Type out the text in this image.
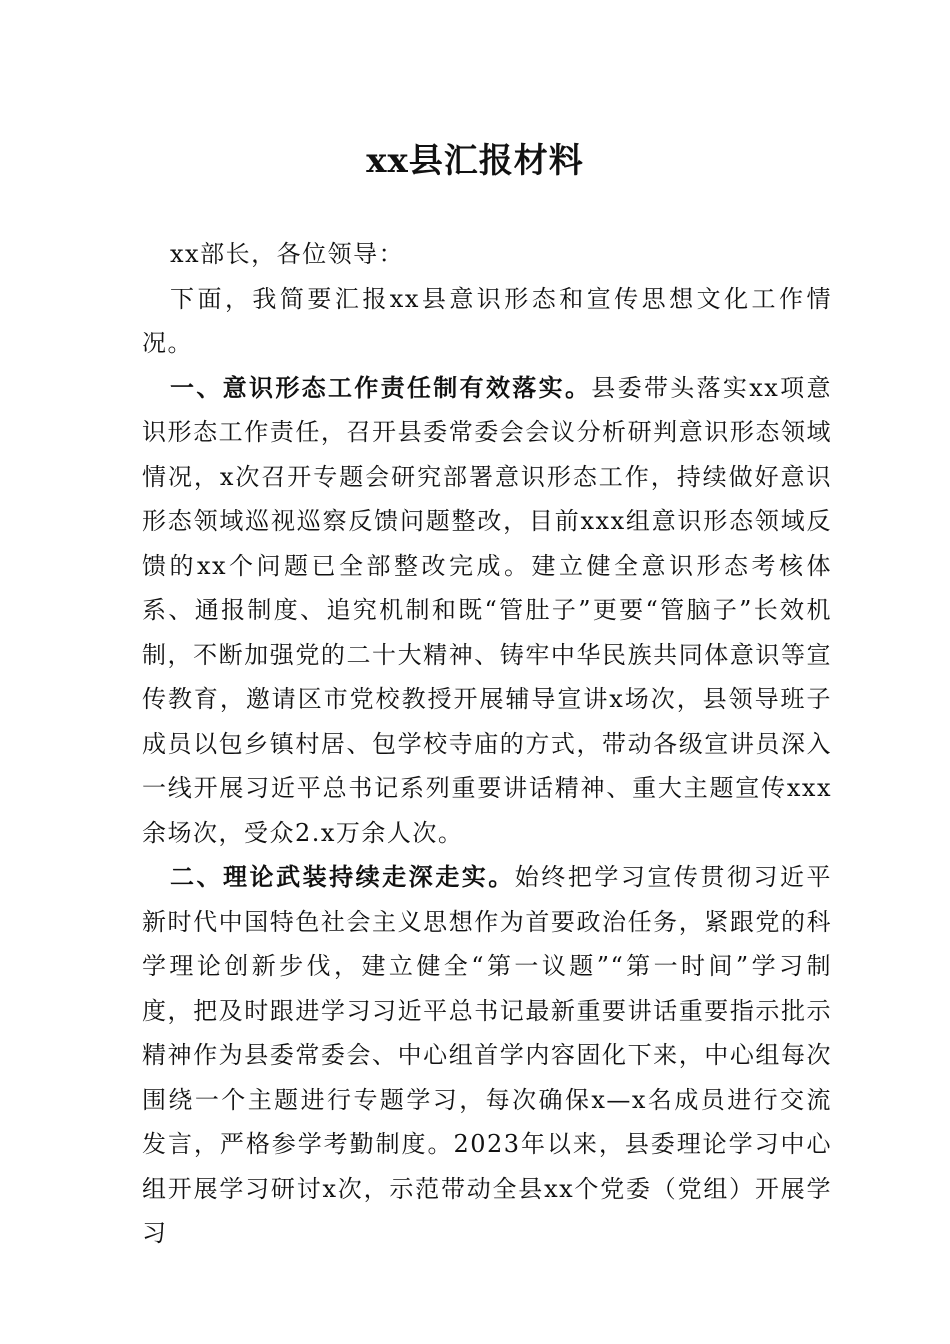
xx县汇报材料

xx部长，各位领导：

下面，我简要汇报xx县意识形态和宣传思想文化工作情况。

一、意识形态工作责任制有效落实。县委带头落实xx项意识形态工作责任，召开县委常委会会议分析研判意识形态领域情况，x次召开专题会研究部署意识形态工作，持续做好意识形态领域巡视巡察反馈问题整改，目前xxx组意识形态领域反馈的xx个问题已全部整改完成。建立健全意识形态考核体系、通报制度、追究机制和既“管肚子”更要“管脑子”长效机制，不断加强党的二十大精神、铸牢中华民族共同体意识等宣传教育，邀请区市党校教授开展辅导宣讲x场次，县领导班子成员以包乡镇村居、包学校寺庙的方式，带动各级宣讲员深入一线开展习近平总书记系列重要讲话精神、重大主题宣传xxx余场次，受众2.x万余人次。

二、理论武装持续走深走实。始终把学习宣传贯彻习近平新时代中国特色社会主义思想作为首要政治任务，紧跟党的科学理论创新步伐，建立健全“第一议题”“第一时间”学习制度，把及时跟进学习习近平总书记最新重要讲话重要指示批示精神作为县委常委会、中心组首学内容固化下来，中心组每次围绕一个主题进行专题学习，每次确保x—x名成员进行交流发言，严格参学考勤制度。2023年以来，县委理论学习中心组开展学习研讨x次，示范带动全县xx个党委（党组）开展学习
